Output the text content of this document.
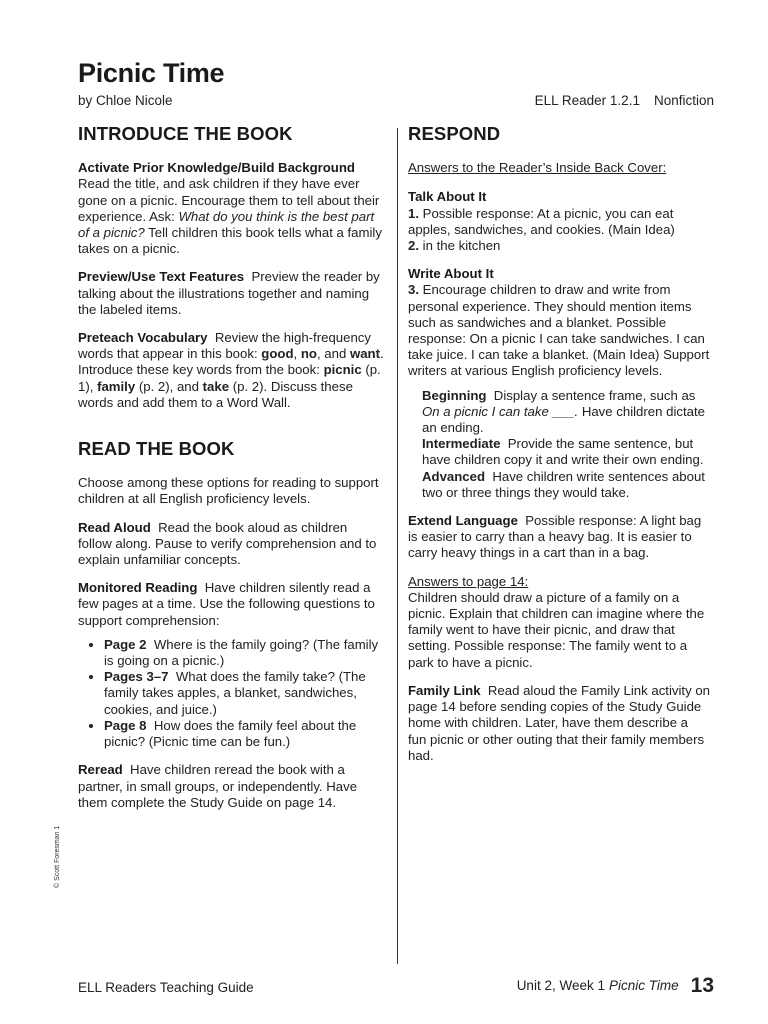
Picnic Time
by Chloe Nicole	ELL Reader 1.2.1 Nonfiction
INTRODUCE THE BOOK

Activate Prior Knowledge/Build Background  Read the title, and ask children if they have ever gone on a picnic. Encourage them to tell about their experience. Ask: What do you think is the best part of a picnic? Tell children this book tells what a family takes on a picnic.

Preview/Use Text Features Preview the reader by talking about the illustrations together and naming the labeled items.

Preteach Vocabulary Review the high-frequency words that appear in this book: good, no, and want. Introduce these key words from the book: picnic (p. 1), family (p. 2), and take (p. 2). Discuss these words and add them to a Word Wall.

READ THE BOOK

Choose among these options for reading to support children at all English proficiency levels.

Read Aloud Read the book aloud as children follow along. Pause to verify comprehension and to explain unfamiliar concepts.

Monitored Reading Have children silently read a few pages at a time. Use the following questions to support comprehension:

• Page 2 Where is the family going? (The family is going on a picnic.)
• Pages 3–7 What does the family take? (The family takes apples, a blanket, sandwiches, cookies, and juice.)
• Page 8 How does the family feel about the picnic? (Picnic time can be fun.)

Reread Have children reread the book with a partner, in small groups, or independently. Have them complete the Study Guide on page 14.

RESPOND
Answers to the Reader’s Inside Back Cover:

Talk About It
1. Possible response: At a picnic, you can eat apples, sandwiches, and cookies. (Main Idea)
2. in the kitchen

Write About It
3. Encourage children to draw and write from personal experience. They should mention items such as sandwiches and a blanket. Possible response: On a picnic I can take sandwiches. I can take juice. I can take a blanket. (Main Idea) Support writers at various English proficiency levels.

Beginning Display a sentence frame, such as On a picnic I can take ___. Have children dictate an ending.
Intermediate Provide the same sentence, but have children copy it and write their own ending.
Advanced Have children write sentences about two or three things they would take.

Extend Language Possible response: A light bag is easier to carry than a heavy bag. It is easier to carry heavy things in a cart than in a bag.

Answers to page 14:

Children should draw a picture of a family on a picnic. Explain that children can imagine where the family went to have their picnic, and draw that setting. Possible response: The family went to a park to have a picnic.

Family Link Read aloud the Family Link activity on page 14 before sending copies of the Study Guide home with children. Later, have them describe a fun picnic or other outing that their family members had.

© Scott Foresman 1
ELL Readers Teaching Guide	Unit 2, Week 1 Picnic Time 13
